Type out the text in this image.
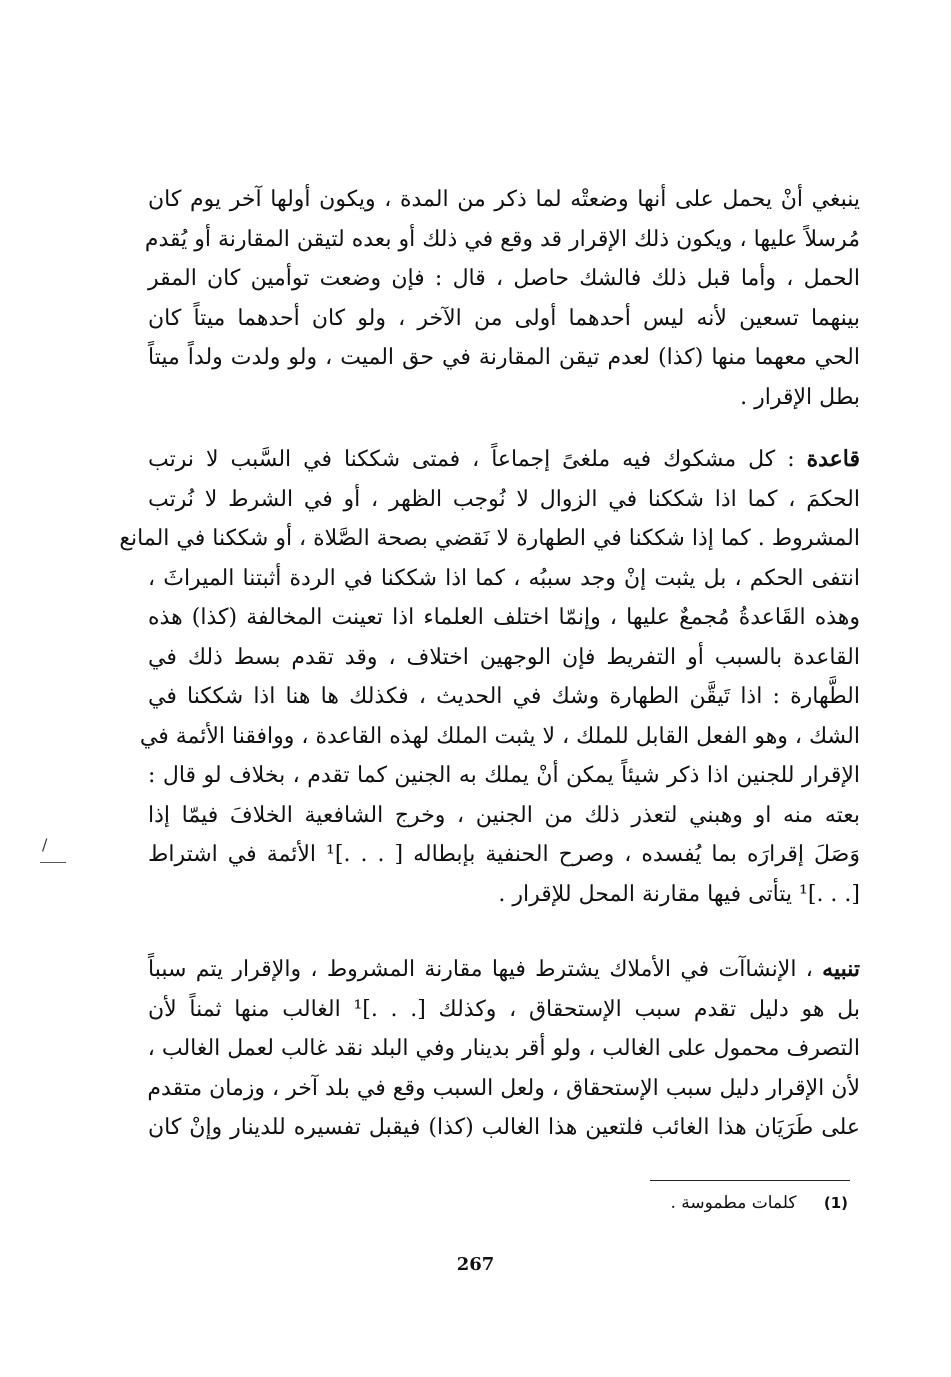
ينبغي أنْ يحمل على أنها وضعتْه لما ذكر من المدة ، ويكون أولها آخر يوم كان
مُرسلاً عليها ، ويكون ذلك الإقرار قد وقع في ذلك أو بعده لتيقن المقارنة أو يُقدم
الحمل ، وأما قبل ذلك فالشك حاصل ، قال : فإن وضعت توأمين كان المقر
بينهما تسعين لأنه ليس أحدهما أولى من الآخر ، ولو كان أحدهما ميتاً كان
الحي معهما منها (كذا) لعدم تيقن المقارنة في حق الميت ، ولو ولدت ولداً ميتاً
بطل الإقرار .
قاعدة : كل مشكوك فيه ملغىً إجماعاً ، فمتى شككنا في السَّبب لا نرتب
الحكمَ ، كما اذا شككنا في الزوال لا نُوجب الظهر ، أو في الشرط لا نُرتب
المشروط . كما إذا شككنا في الطهارة لا نَقضي بصحة الصَّلاة ، أو شككنا في المانع
انتفى الحكم ، بل يثبت إنْ وجد سببُه ، كما اذا شككنا في الردة أثبتنا الميراثَ ،
وهذه القَاعدةُ مُجمعٌ عليها ، وإنمّا اختلف العلماء اذا تعينت المخالفة (كذا) هذه
القاعدة بالسبب أو التفريط فإن الوجهين اختلاف ، وقد تقدم بسط ذلك في
الطَّهارة : اذا تَيقَّن الطهارة وشك في الحديث ، فكذلك ها هنا اذا شككنا في
الشك ، وهو الفعل القابل للملك ، لا يثبت الملك لهذه القاعدة ، ووافقنا الأئمة في
الإقرار للجنين اذا ذكر شيئاً يمكن أنْ يملك به الجنين كما تقدم ، بخلاف لو قال :
بعته منه او وهبني لتعذر ذلك من الجنين ، وخرج الشافعية الخلافَ فيمّا إذا
وَصَلَ إقرارَه بما يُفسده ، وصرح الحنفية بإبطاله [ . . .]¹ الأئمة في اشتراط
[. . .]¹ يتأتى فيها مقارنة المحل للإقرار .
تنبيه ، الإنشاآت في الأملاك يشترط فيها مقارنة المشروط ، والإقرار يتم سبباً
بل هو دليل تقدم سبب الإستحقاق ، وكذلك [. . .]¹ الغالب منها ثمناً لأن
التصرف محمول على الغالب ، ولو أقر بدينار وفي البلد نقد غالب لعمل الغالب ،
لأن الإقرار دليل سبب الإستحقاق ، ولعل السبب وقع في بلد آخر ، وزمان متقدم
على طَرَيَان هذا الغائب فلتعين هذا الغالب (كذا) فيقبل تفسيره للدينار وإنْ كان
(1) كلمات مطموسة .
267
/
